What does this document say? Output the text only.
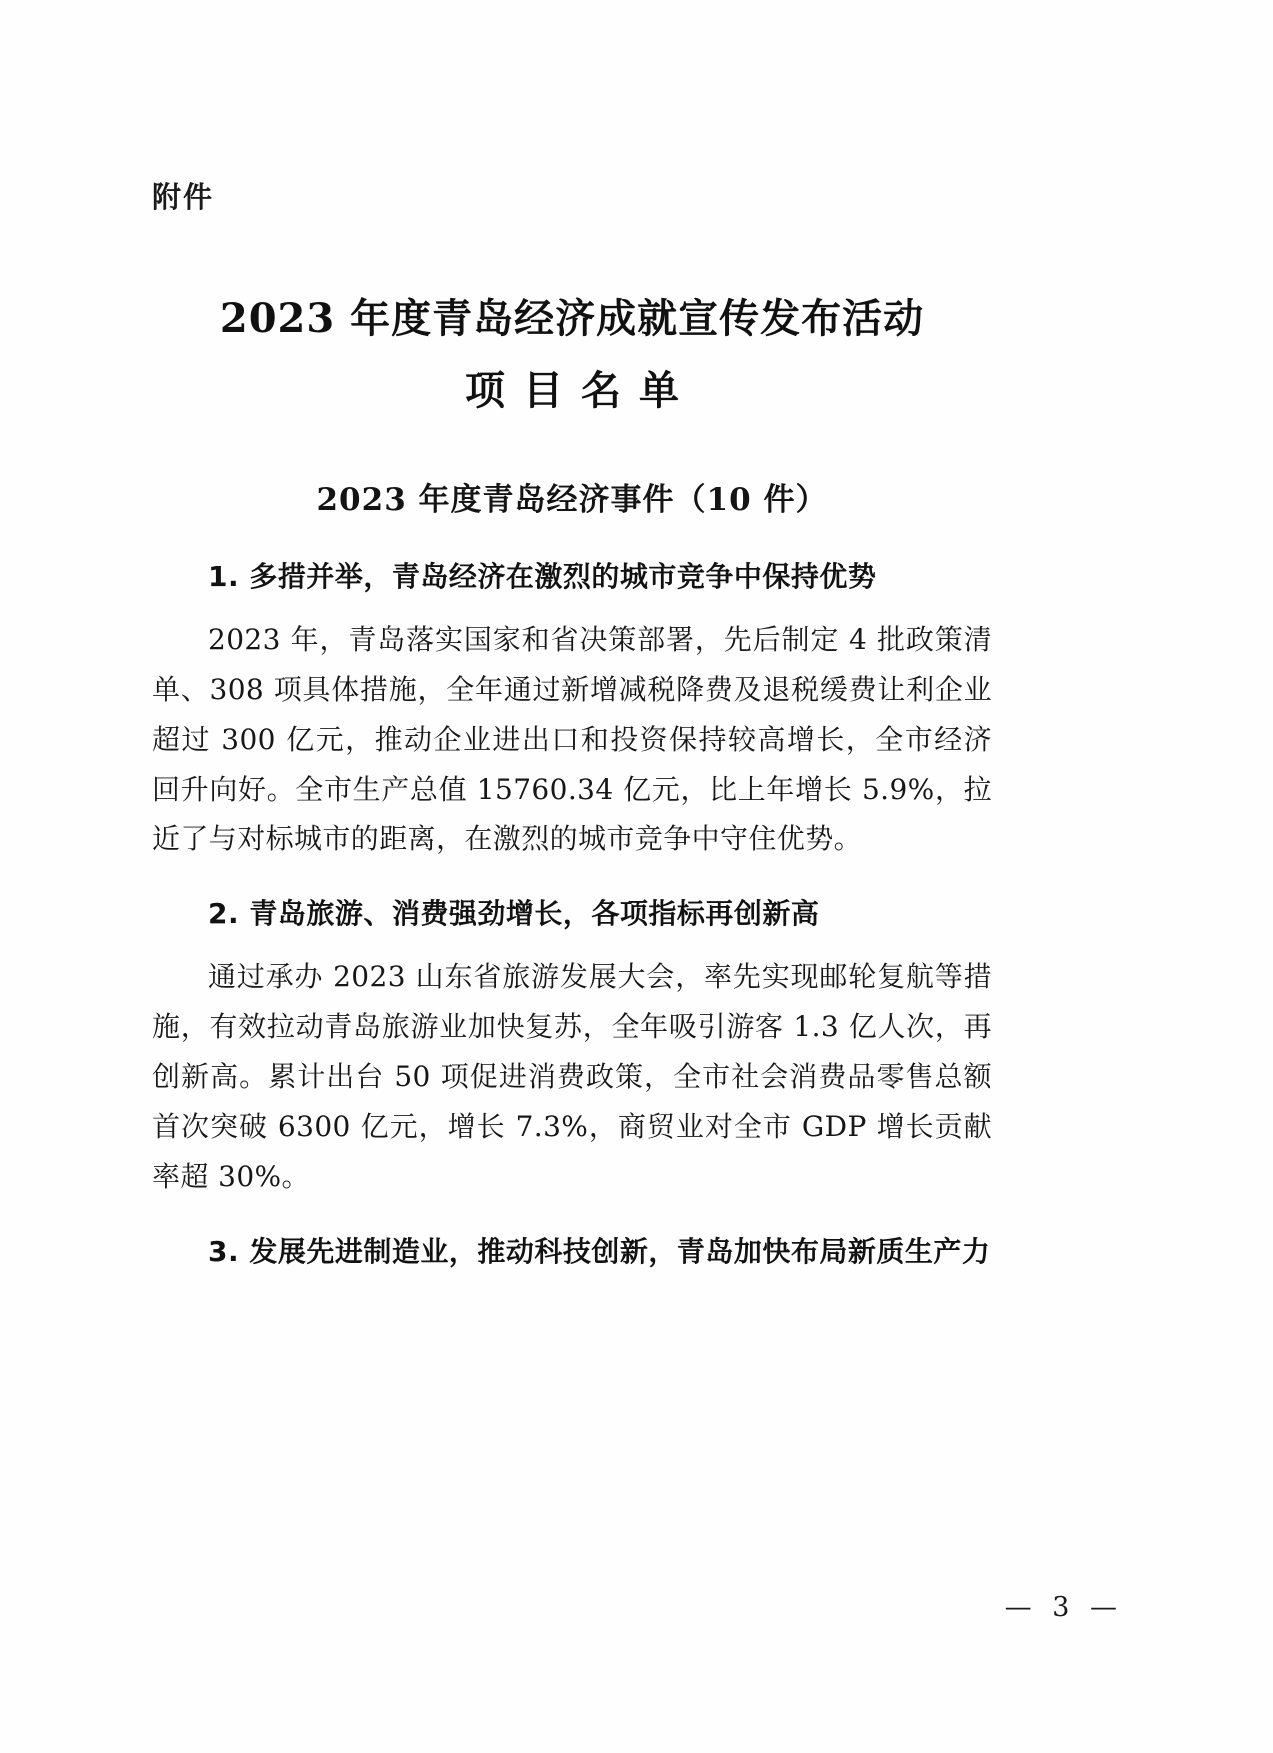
附件
2023 年度青岛经济成就宣传发布活动
项目名单
2023 年度青岛经济事件（10 件）
1. 多措并举，青岛经济在激烈的城市竞争中保持优势

2023 年，青岛落实国家和省决策部署，先后制定 4 批政策清单、308 项具体措施，全年通过新增减税降费及退税缓费让利企业超过 300 亿元，推动企业进出口和投资保持较高增长，全市经济回升向好。全市生产总值 15760.34 亿元，比上年增长 5.9%，拉近了与对标城市的距离，在激烈的城市竞争中守住优势。

2. 青岛旅游、消费强劲增长，各项指标再创新高

通过承办 2023 山东省旅游发展大会，率先实现邮轮复航等措施，有效拉动青岛旅游业加快复苏，全年吸引游客 1.3 亿人次，再创新高。累计出台 50 项促进消费政策，全市社会消费品零售总额首次突破 6300 亿元，增长 7.3%，商贸业对全市 GDP 增长贡献率超 30%。

3. 发展先进制造业，推动科技创新，青岛加快布局新质生产力
— 3 —
